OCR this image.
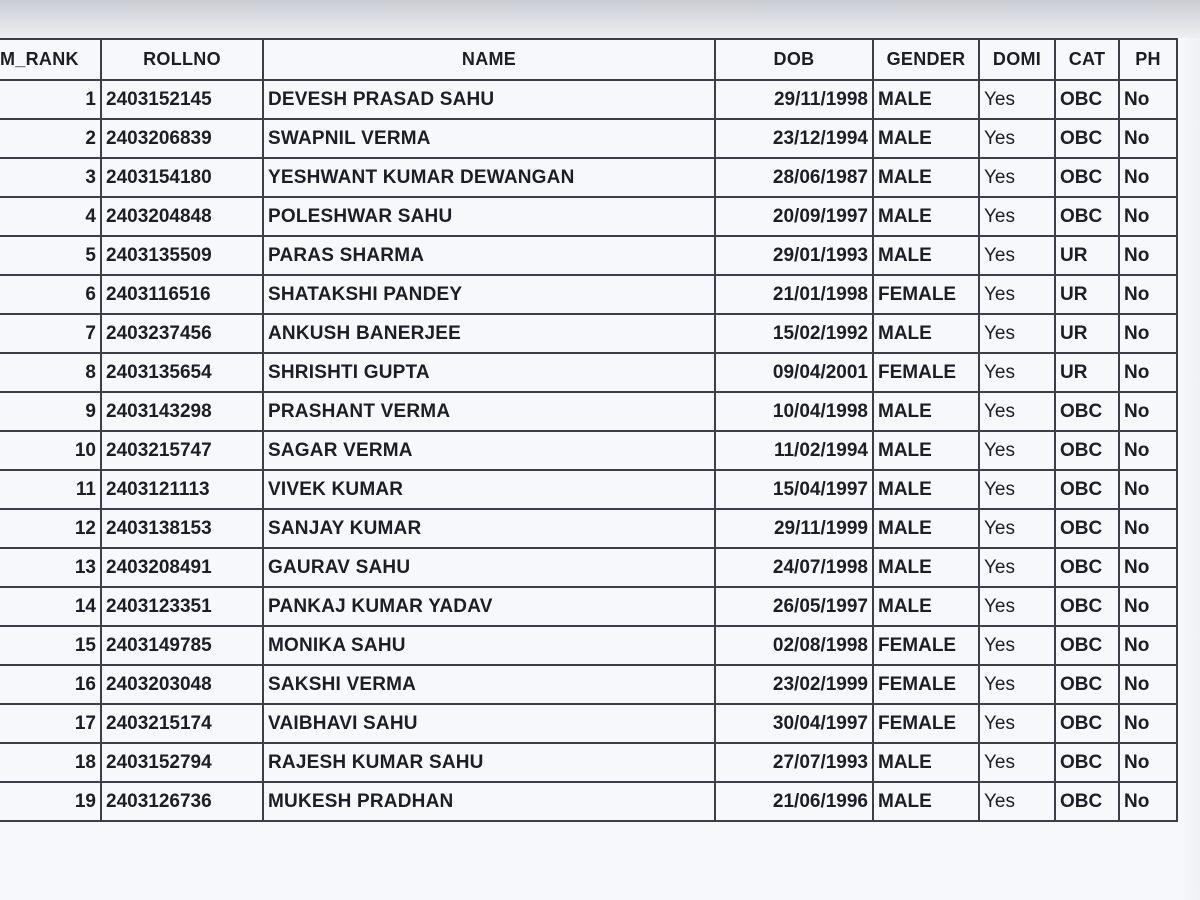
M_RANK	ROLLNO	NAME	DOB	GENDER	DOMI	CAT	PH
1	2403152145	DEVESH PRASAD SAHU	29/11/1998	MALE	Yes	OBC	No
2	2403206839	SWAPNIL VERMA	23/12/1994	MALE	Yes	OBC	No
3	2403154180	YESHWANT KUMAR DEWANGAN	28/06/1987	MALE	Yes	OBC	No
4	2403204848	POLESHWAR SAHU	20/09/1997	MALE	Yes	OBC	No
5	2403135509	PARAS SHARMA	29/01/1993	MALE	Yes	UR	No
6	2403116516	SHATAKSHI PANDEY	21/01/1998	FEMALE	Yes	UR	No
7	2403237456	ANKUSH BANERJEE	15/02/1992	MALE	Yes	UR	No
8	2403135654	SHRISHTI GUPTA	09/04/2001	FEMALE	Yes	UR	No
9	2403143298	PRASHANT VERMA	10/04/1998	MALE	Yes	OBC	No
10	2403215747	SAGAR VERMA	11/02/1994	MALE	Yes	OBC	No
11	2403121113	VIVEK KUMAR	15/04/1997	MALE	Yes	OBC	No
12	2403138153	SANJAY KUMAR	29/11/1999	MALE	Yes	OBC	No
13	2403208491	GAURAV SAHU	24/07/1998	MALE	Yes	OBC	No
14	2403123351	PANKAJ KUMAR YADAV	26/05/1997	MALE	Yes	OBC	No
15	2403149785	MONIKA SAHU	02/08/1998	FEMALE	Yes	OBC	No
16	2403203048	SAKSHI VERMA	23/02/1999	FEMALE	Yes	OBC	No
17	2403215174	VAIBHAVI SAHU	30/04/1997	FEMALE	Yes	OBC	No
18	2403152794	RAJESH KUMAR SAHU	27/07/1993	MALE	Yes	OBC	No
19	2403126736	MUKESH PRADHAN	21/06/1996	MALE	Yes	OBC	No
